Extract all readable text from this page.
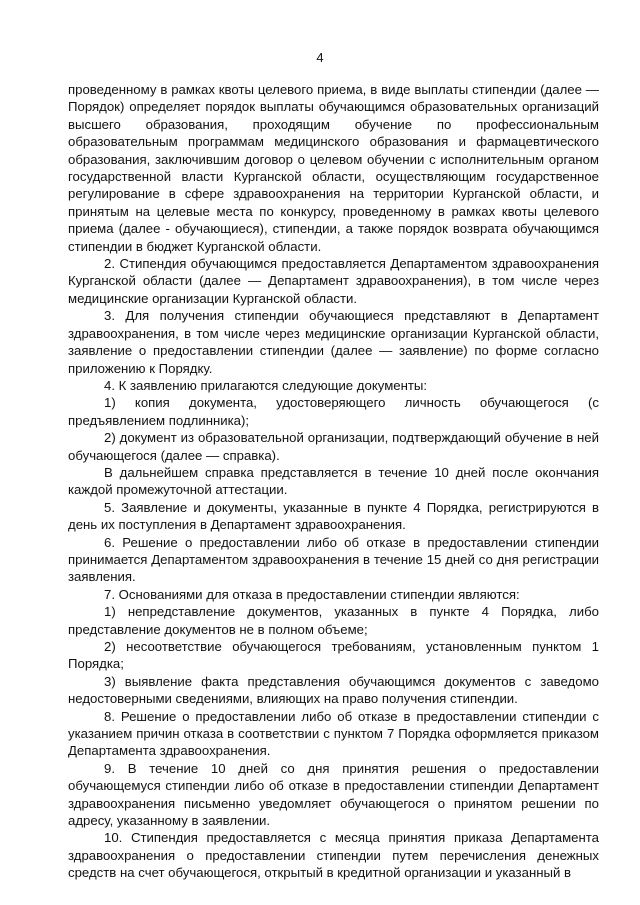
4

проведенному в рамках квоты целевого приема, в виде выплаты стипендии (далее — Порядок) определяет порядок выплаты обучающимся образовательных организаций высшего образования, проходящим обучение по профессиональным образовательным программам медицинского образования и фармацевтического образования, заключившим договор о целевом обучении с исполнительным органом государственной власти Курганской области, осуществляющим государственное регулирование в сфере здравоохранения на территории Курганской области, и принятым на целевые места по конкурсу, проведенному в рамках квоты целевого приема (далее - обучающиеся), стипендии, а также порядок возврата обучающимся стипендии в бюджет Курганской области.

2. Стипендия обучающимся предоставляется Департаментом здравоохранения Курганской области (далее — Департамент здравоохранения), в том числе через медицинские организации Курганской области.

3. Для получения стипендии обучающиеся представляют в Департамент здравоохранения, в том числе через медицинские организации Курганской области, заявление о предоставлении стипендии (далее — заявление) по форме согласно приложению к Порядку.

4. К заявлению прилагаются следующие документы:

1) копия документа, удостоверяющего личность обучающегося (с предъявлением подлинника);

2) документ из образовательной организации, подтверждающий обучение в ней обучающегося (далее — справка).

В дальнейшем справка представляется в течение 10 дней после окончания каждой промежуточной аттестации.

5. Заявление и документы, указанные в пункте 4 Порядка, регистрируются в день их поступления в Департамент здравоохранения.

6. Решение о предоставлении либо об отказе в предоставлении стипендии принимается Департаментом здравоохранения в течение 15 дней со дня регистрации заявления.

7. Основаниями для отказа в предоставлении стипендии являются:

1) непредставление документов, указанных в пункте 4 Порядка, либо представление документов не в полном объеме;

2) несоответствие обучающегося требованиям, установленным пунктом 1 Порядка;

3) выявление факта представления обучающимся документов с заведомо недостоверными сведениями, влияющих на право получения стипендии.

8. Решение о предоставлении либо об отказе в предоставлении стипендии с указанием причин отказа в соответствии с пунктом 7 Порядка оформляется приказом Департамента здравоохранения.

9. В течение 10 дней со дня принятия решения о предоставлении обучающемуся стипендии либо об отказе в предоставлении стипендии Департамент здравоохранения письменно уведомляет обучающегося о принятом решении по адресу, указанному в заявлении.

10. Стипендия предоставляется с месяца принятия приказа Департамента здравоохранения о предоставлении стипендии путем перечисления денежных средств на счет обучающегося, открытый в кредитной организации и указанный в
